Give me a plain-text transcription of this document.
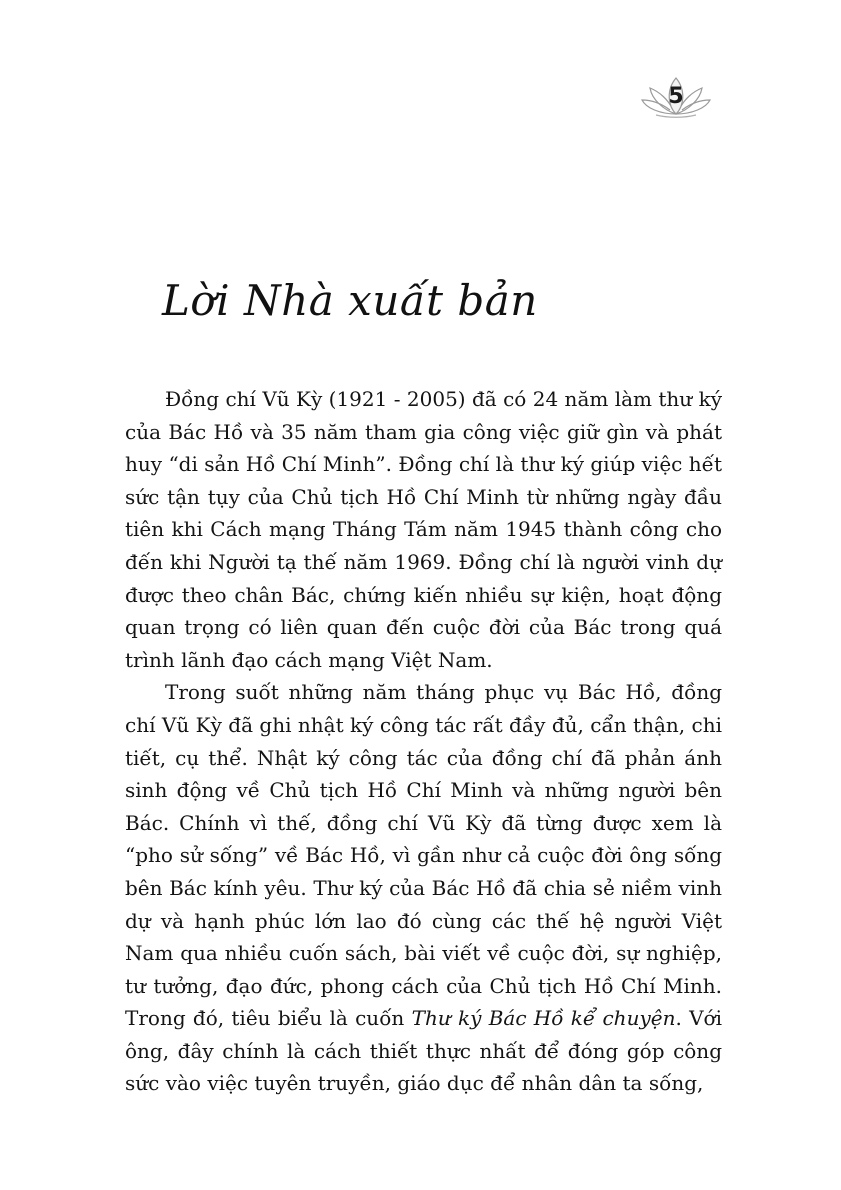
5
Lời Nhà xuất bản

Đồng chí Vũ Kỳ (1921 - 2005) đã có 24 năm làm thư ký của Bác Hồ và 35 năm tham gia công việc giữ gìn và phát huy “di sản Hồ Chí Minh”. Đồng chí là thư ký giúp việc hết sức tận tụy của Chủ tịch Hồ Chí Minh từ những ngày đầu tiên khi Cách mạng Tháng Tám năm 1945 thành công cho đến khi Người tạ thế năm 1969. Đồng chí là người vinh dự được theo chân Bác, chứng kiến nhiều sự kiện, hoạt động quan trọng có liên quan đến cuộc đời của Bác trong quá trình lãnh đạo cách mạng Việt Nam.

Trong suốt những năm tháng phục vụ Bác Hồ, đồng chí Vũ Kỳ đã ghi nhật ký công tác rất đầy đủ, cẩn thận, chi tiết, cụ thể. Nhật ký công tác của đồng chí đã phản ánh sinh động về Chủ tịch Hồ Chí Minh và những người bên Bác. Chính vì thế, đồng chí Vũ Kỳ đã từng được xem là “pho sử sống” về Bác Hồ, vì gần như cả cuộc đời ông sống bên Bác kính yêu. Thư ký của Bác Hồ đã chia sẻ niềm vinh dự và hạnh phúc lớn lao đó cùng các thế hệ người Việt Nam qua nhiều cuốn sách, bài viết về cuộc đời, sự nghiệp, tư tưởng, đạo đức, phong cách của Chủ tịch Hồ Chí Minh. Trong đó, tiêu biểu là cuốn Thư ký Bác Hồ kể chuyện. Với ông, đây chính là cách thiết thực nhất để đóng góp công sức vào việc tuyên truyền, giáo dục để nhân dân ta sống,
